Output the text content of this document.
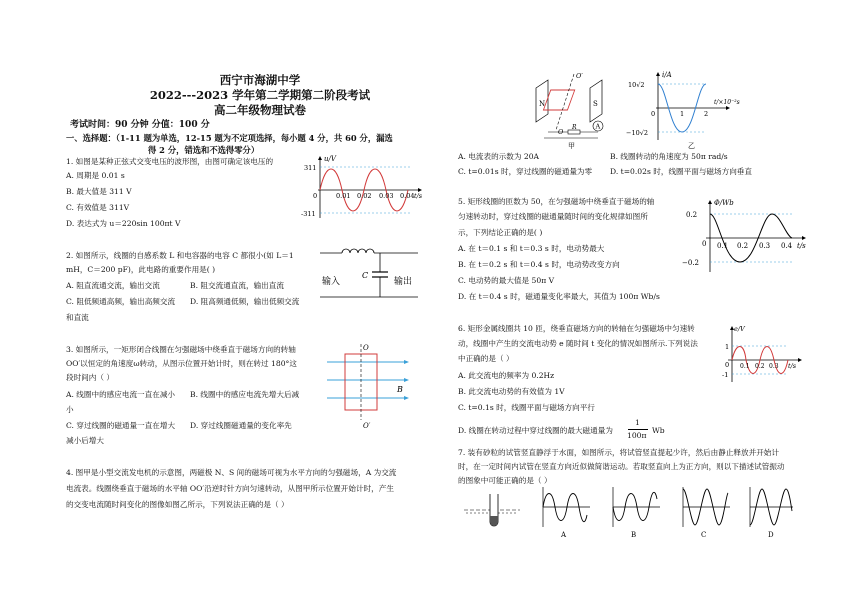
西宁市海湖中学
2022---2023 学年第二学期第二阶段考试
高二年级物理试卷
考试时间：90 分钟 分值：100 分
一、选择题：（1-11 题为单选，12-15 题为不定项选择，每小题 4 分，共 60 分，漏选
得 2 分，错选和不选得零分）
1. 如图是某种正弦式交变电压的波形图，由图可确定该电压的
A. 周期是 0.01 s
B. 最大值是 311 V
C. 有效值是 311V
D. 表达式为 u＝220sin 100πt V
u/V
311
-311
0	0.01 0.02 0.03 0.04 t/s
2. 如图所示，线圈的自感系数 L 和电容器的电容 C 都很小(如 L＝1
mH，C＝200 pF)，此电路的重要作用是( )
A. 阻直流通交流，输出交流	B. 阻交流通直流，输出直流
C. 阻低频通高频，输出高频交流 D. 阻高频通低频，输出低频交流
和直流
输入
C
输出
3. 如图所示，一矩形闭合线圈在匀强磁场中绕垂直于磁场方向的转轴
OO′以恒定的角速度ω转动，从图示位置开始计时，则在转过 180°这
段时间内（ ）
A. 线圈中的感应电流一直在减小 B. 线圈中的感应电流先增大后减
小
C. 穿过线圈的磁通量一直在增大 D. 穿过线圈磁通量的变化率先
减小后增大
O
O′
B
4. 图甲是小型交流发电机的示意图，两磁极 N、S 间的磁场可视为水平方向的匀强磁场，A 为交流
电流表。线圈绕垂直于磁场的水平轴 OO′沿逆时针方向匀速转动，从图甲所示位置开始计时，产生
的交变电流随时间变化的图像如图乙所示，下列说法正确的是（ ）
N	S
O′
O
R	A
甲
i/A
10√2
−10√2
0	1	2
t/×10⁻²s
乙
A. 电流表的示数为 20A	B. 线圈转动的角速度为 50π rad/s
C. t=0.01s 时，穿过线圈的磁通量为零 D. t=0.02s 时，线圈平面与磁场方向垂直
5. 矩形线圈的匝数为 50，在匀强磁场中绕垂直于磁场的轴
匀速转动时，穿过线圈的磁通量随时间的变化规律如图所
示，下列结论正确的是( )
A. 在 t＝0.1 s 和 t＝0.3 s 时，电动势最大
B. 在 t＝0.2 s 和 t＝0.4 s 时，电动势改变方向
C. 电动势的最大值是 50π V
D. 在 t＝0.4 s 时，磁通量变化率最大，其值为 100π Wb/s
Φ/Wb
0.2
−0.2
0 0.1 0.2 0.3 0.4 t/s
6. 矩形金属线圈共 10 匝，绕垂直磁场方向的转轴在匀强磁场中匀速转
动，线圈中产生的交流电动势 e 随时间 t 变化的情况如图所示.下列说法
中正确的是（ ）
A. 此交流电的频率为 0.2Hz
B. 此交流电动势的有效值为 1V
C. t=0.1s 时，线圈平面与磁场方向平行
D. 线圈在转动过程中穿过线圈的最大磁通量为
1
100π
Wb
e/V
1
-1
0 0.1 0.2 0.3 t/s
7. 装有砂粒的试管竖直静浮于水面，如图所示，将试管竖直提起少许，然后由静止释放并开始计
时，在一定时间内试管在竖直方向近似做简谐运动。若取竖直向上为正方向，则以下描述试管振动
的图象中可能正确的是（ ）
A	B	C	D
